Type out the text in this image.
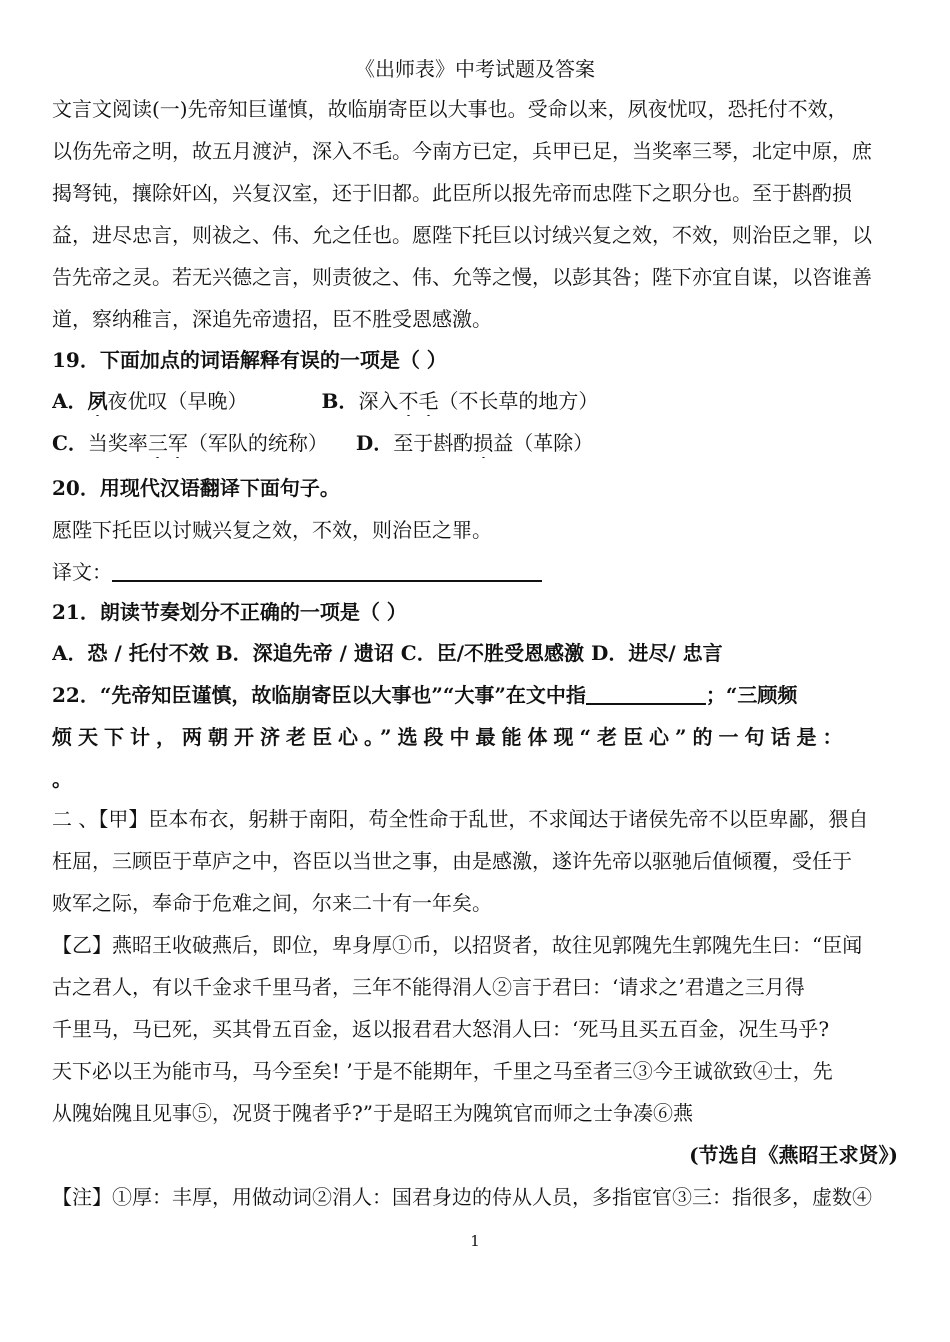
《出师表》中考试题及答案
文言文阅读(一)先帝知巨谨慎，故临崩寄臣以大事也。受命以来，夙夜忧叹，恐托付不效，
以伤先帝之明，故五月渡泸，深入不毛。今南方已定，兵甲已足，当奖率三琴，北定中原，庶
揭弩钝，攘除奸凶，兴复汉室，还于旧都。此臣所以报先帝而忠陛下之职分也。至于斟酌损
益，进尽忠言，则祓之、伟、允之任也。愿陛下托巨以讨绒兴复之效，不效，则治臣之罪，以
告先帝之灵。若无兴德之言，则责彼之、伟、允等之慢，以彭其咎；陛下亦宜自谋，以咨谁善
道，察纳稚言，深追先帝遗招，臣不胜受恩感激。
19．下面加点的词语解释有误的一项是（ ）
A．夙夜优叹（早晚）	B．深入不毛（不长草的地方）
C．当奖率三军（军队的统称） D．至于斟酌损益（革除）
20．用现代汉语翻译下面句子。
愿陛下托臣以讨贼兴复之效，不效，则治臣之罪。
译文：
21．朗读节奏划分不正确的一项是（ ）
A．恐 / 托付不效 B．深追先帝 / 遗诏 C．臣/不胜受恩感激 D．进尽/ 忠言
22．“先帝知臣谨慎，故临崩寄臣以大事也”“大事”在文中指	；“三顾频
烦天下计，两朝开济老臣心。”选段中最能体现“老臣心”的一句话是：
。
二 、【甲】臣本布衣，躬耕于南阳，苟全性命于乱世，不求闻达于诸侯先帝不以臣卑鄙，猥自
枉屈，三顾臣于草庐之中，咨臣以当世之事，由是感激，遂许先帝以驱驰后值倾覆，受任于
败军之际，奉命于危难之间，尔来二十有一年矣。
【乙】燕昭王收破燕后，即位，卑身厚①币，以招贤者，故往见郭隗先生郭隗先生曰：“臣闻
古之君人，有以千金求千里马者，三年不能得涓人②言于君曰：‘请求之’君遣之三月得
千里马，马已死，买其骨五百金，返以报君君大怒涓人曰：‘死马且买五百金，况生马乎?
天下必以王为能市马，马今至矣! ’于是不能期年，千里之马至者三③今王诚欲致④士，先
从隗始隗且见事⑤，况贤于隗者乎?”于是昭王为隗筑官而师之士争凑⑥燕
(节选自《燕昭王求贤》)
【注】①厚：丰厚，用做动词②涓人：国君身边的侍从人员，多指宦官③三：指很多，虚数④
1
